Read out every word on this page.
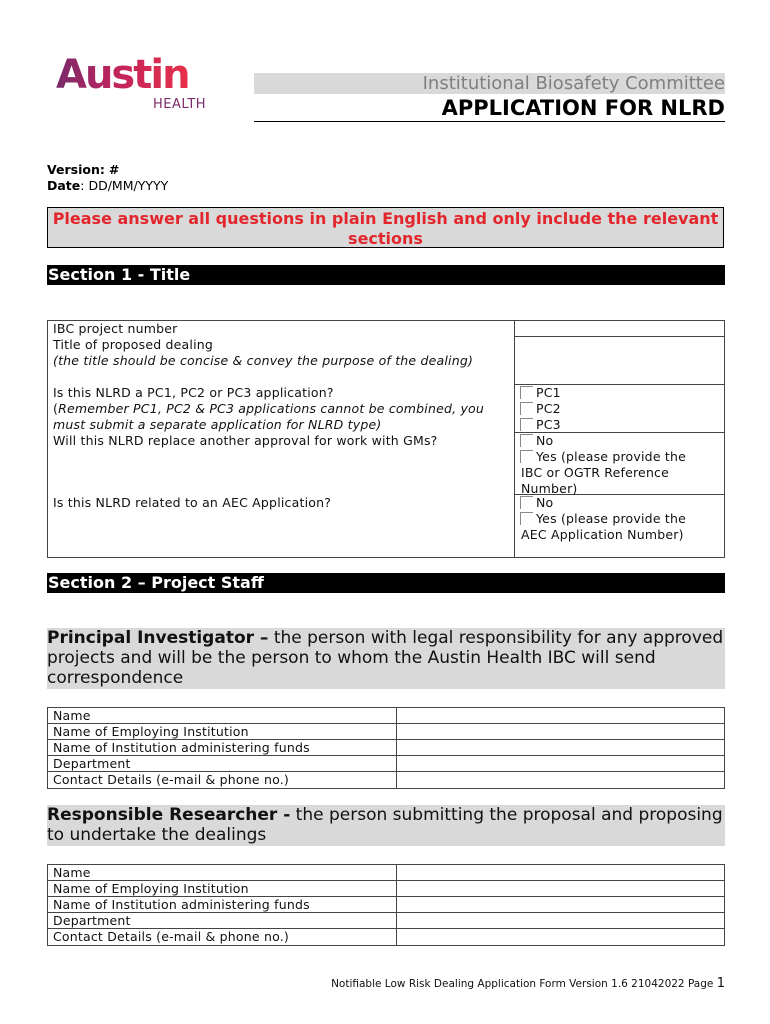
Austin
HEALTH
Institutional Biosafety Committee
APPLICATION FOR NLRD
Version: #
Date: DD/MM/YYYY
Please answer all questions in plain English and only include the relevant sections
Section 1 - Title
IBC project number
Title of proposed dealing
(the title should be concise & convey the purpose of the dealing)
Is this NLRD a PC1, PC2 or PC3 application?
(Remember PC1, PC2 & PC3 applications cannot be combined, you must submit a separate application for NLRD type)
Will this NLRD replace another approval for work with GMs?
Is this NLRD related to an AEC Application?
PC1
PC2
PC3
No
Yes (please provide the
IBC or OGTR Reference
Number)
No
Yes (please provide the
AEC Application Number)
Section 2 – Project Staff
Principal Investigator – the person with legal responsibility for any approved projects and will be the person to whom the Austin Health IBC will send correspondence
Name
Name of Employing Institution
Name of Institution administering funds
Department
Contact Details (e-mail & phone no.)
Responsible Researcher - the person submitting the proposal and proposing to undertake the dealings
Name
Name of Employing Institution
Name of Institution administering funds
Department
Contact Details (e-mail & phone no.)
Notifiable Low Risk Dealing Application Form Version 1.6 21042022 Page 1
